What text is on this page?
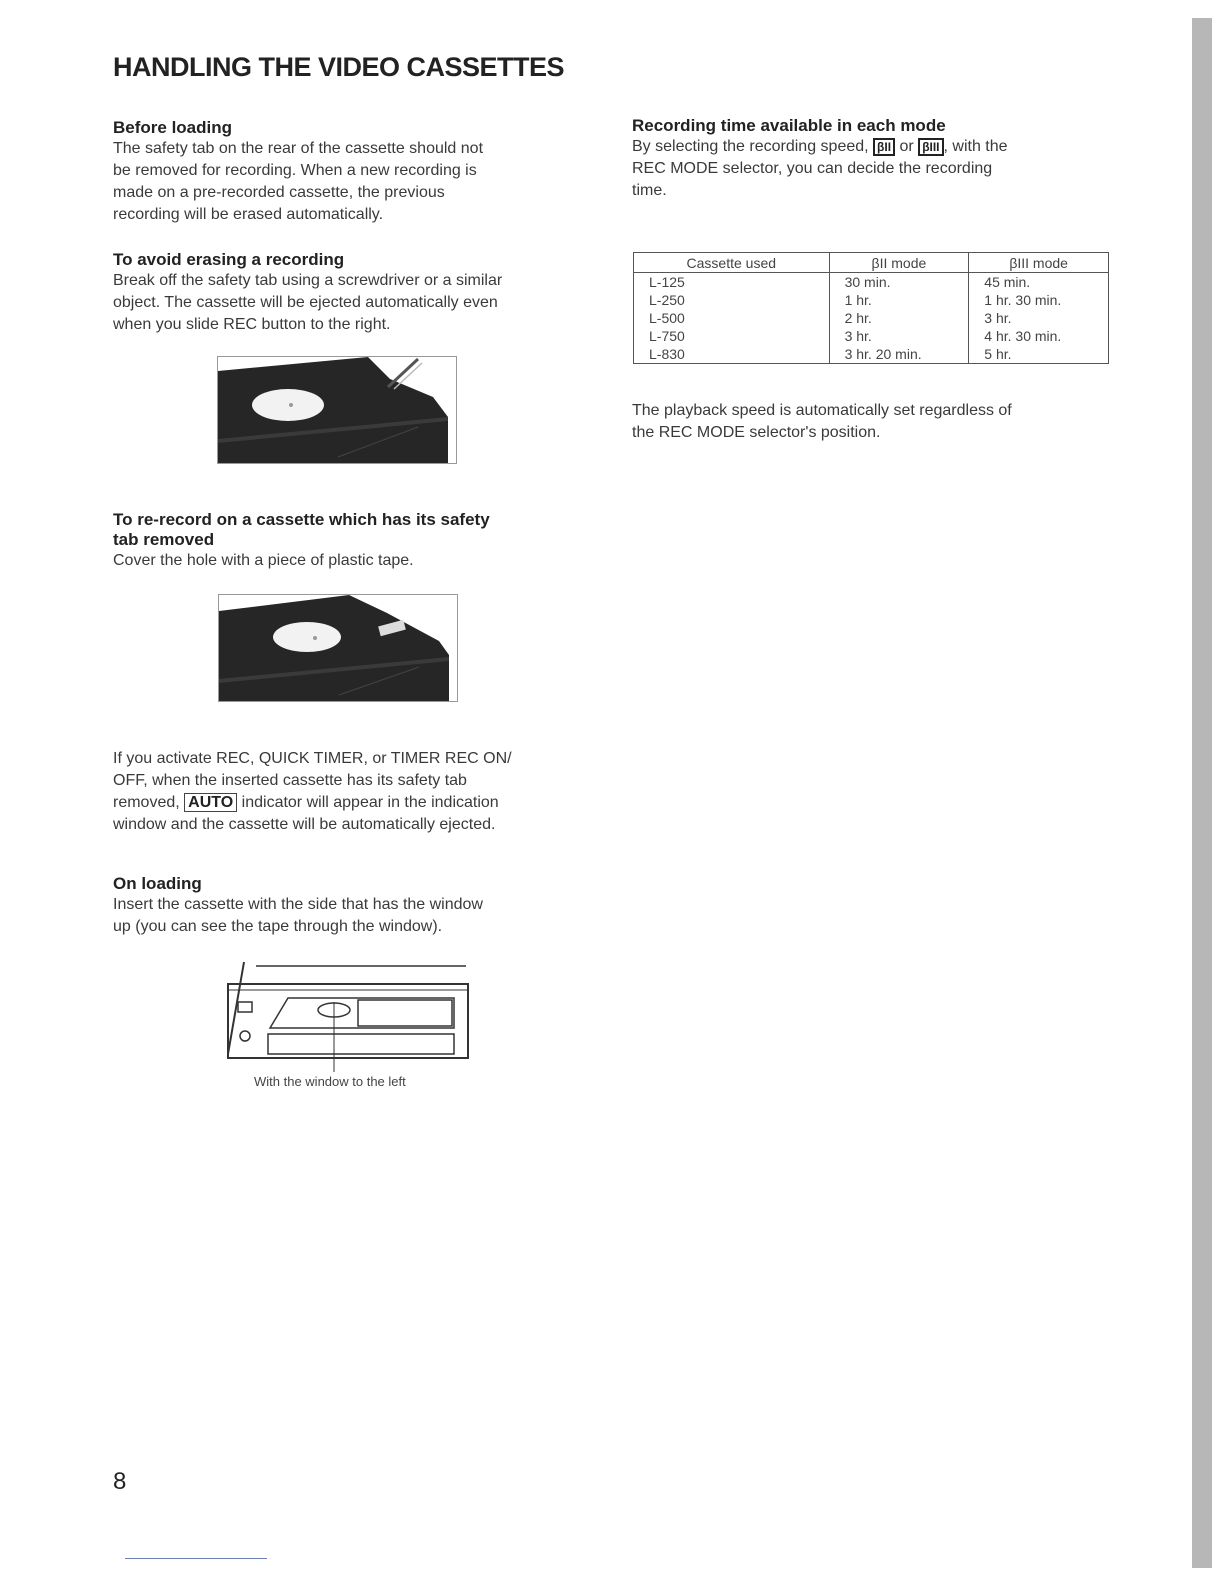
HANDLING THE VIDEO CASSETTES
Before loading
The safety tab on the rear of the cassette should not
be removed for recording. When a new recording is
made on a pre-recorded cassette, the previous
recording will be erased automatically.
To avoid erasing a recording
Break off the safety tab using a screwdriver or a similar
object. The cassette will be ejected automatically even
when you slide REC button to the right.
To re-record on a cassette which has its safety
tab removed
Cover the hole with a piece of plastic tape.
If you activate REC, QUICK TIMER, or TIMER REC ON/
OFF, when the inserted cassette has its safety tab
removed, AUTO indicator will appear in the indication
window and the cassette will be automatically ejected.
On loading
Insert the cassette with the side that has the window
up (you can see the tape through the window).
With the window to the left
Recording time available in each mode
By selecting the recording speed, βII or βIII , with the
REC MODE selector, you can decide the recording
time.
Cassette used	βII mode	βIII mode
L-125	30 min.	45 min.
L-250	1 hr.	1 hr. 30 min.
L-500	2 hr.	3 hr.
L-750	3 hr.	4 hr. 30 min.
L-830	3 hr. 20 min.	5 hr.
The playback speed is automatically set regardless of
the REC MODE selector's position.
8
